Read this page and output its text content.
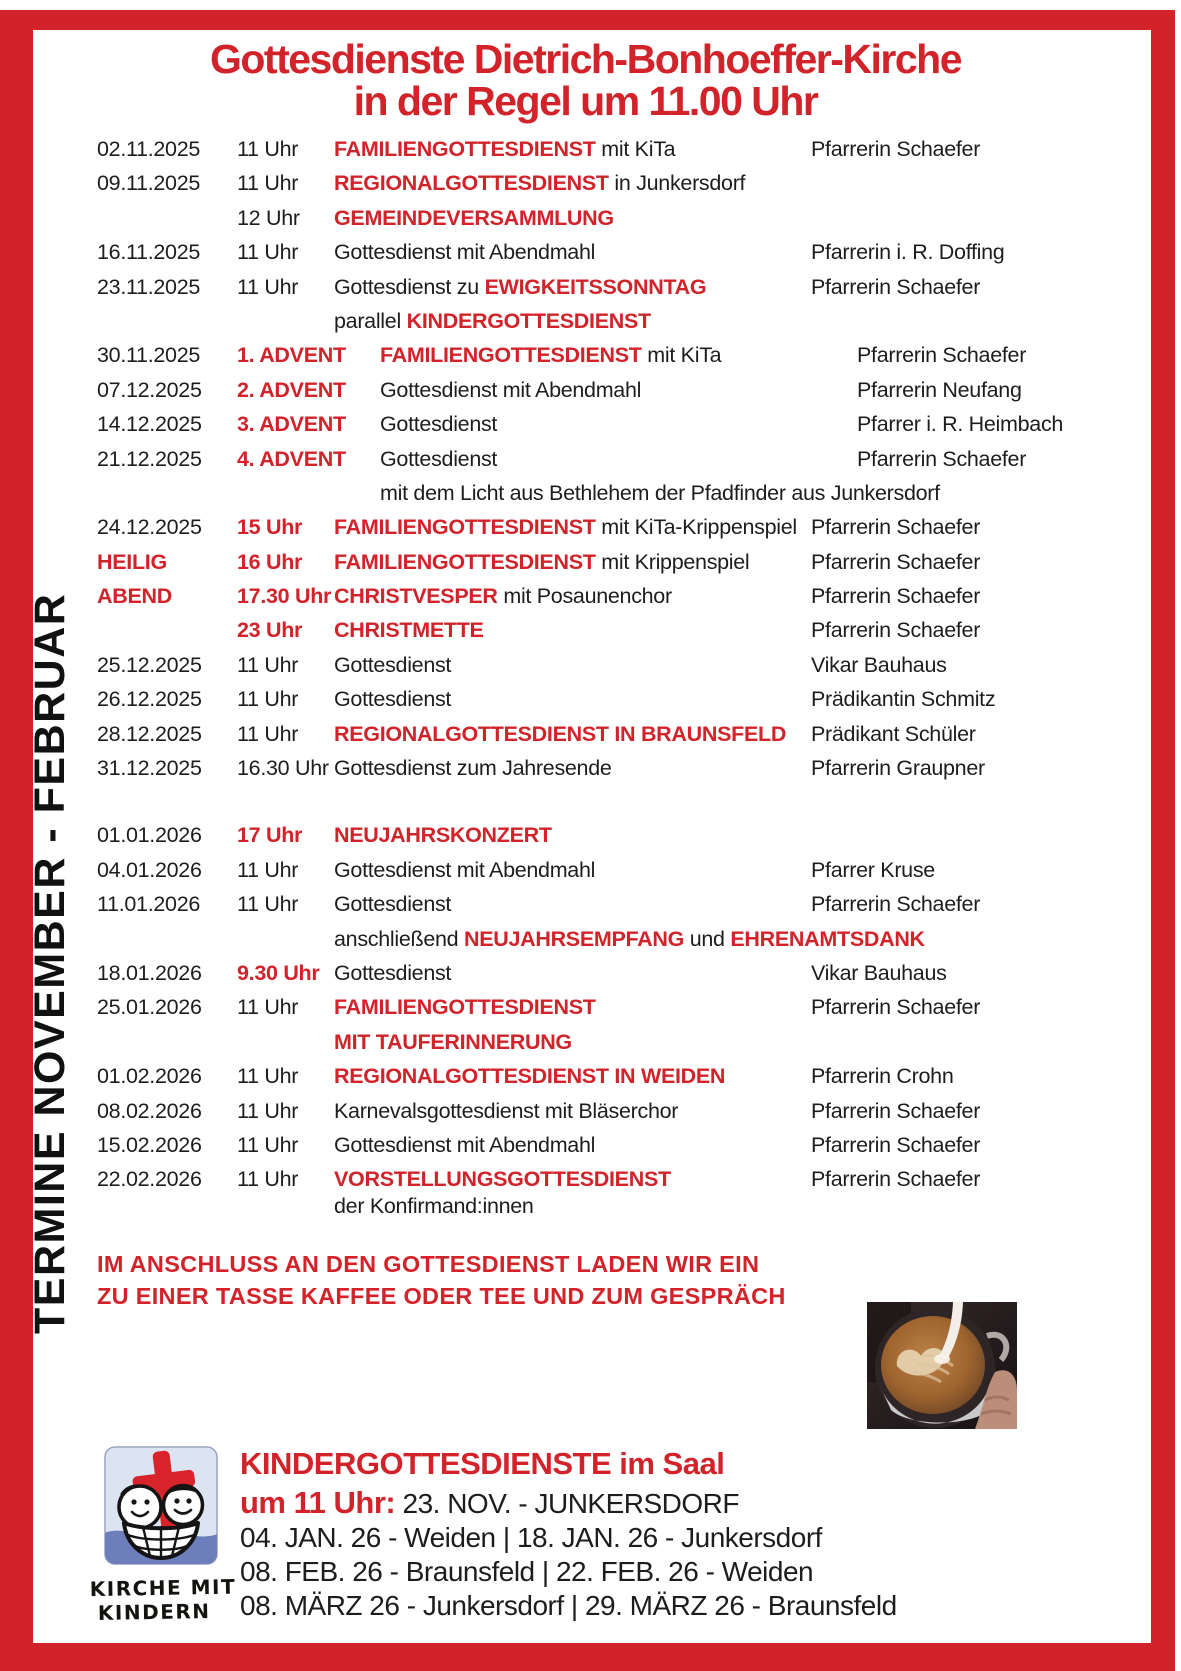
Gottesdienste Dietrich-Bonhoeffer-Kirche
in der Regel um 11.00 Uhr
TERMINE NOVEMBER - FEBRUAR
02.11.2025	11 Uhr	FAMILIENGOTTESDIENST mit KiTa	Pfarrerin Schaefer
09.11.2025	11 Uhr	REGIONALGOTTESDIENST in Junkersdorf
12 Uhr	GEMEINDEVERSAMMLUNG
16.11.2025	11 Uhr	Gottesdienst mit Abendmahl	Pfarrerin i. R. Doffing
23.11.2025	11 Uhr	Gottesdienst zu EWIGKEITSSONNTAG	Pfarrerin Schaefer
parallel KINDERGOTTESDIENST
30.11.2025	1. ADVENT	FAMILIENGOTTESDIENST mit KiTa	Pfarrerin Schaefer
07.12.2025	2. ADVENT	Gottesdienst mit Abendmahl	Pfarrerin Neufang
14.12.2025	3. ADVENT	Gottesdienst	Pfarrer i. R. Heimbach
21.12.2025	4. ADVENT	Gottesdienst	Pfarrerin Schaefer
mit dem Licht aus Bethlehem der Pfadfinder aus Junkersdorf
24.12.2025	15 Uhr	FAMILIENGOTTESDIENST mit KiTa-Krippenspiel Pfarrerin Schaefer
HEILIG	16 Uhr	FAMILIENGOTTESDIENST mit Krippenspiel	Pfarrerin Schaefer
ABEND	17.30 Uhr CHRISTVESPER mit Posaunenchor	Pfarrerin Schaefer
23 Uhr	CHRISTMETTE	Pfarrerin Schaefer
25.12.2025	11 Uhr	Gottesdienst	Vikar Bauhaus
26.12.2025	11 Uhr	Gottesdienst	Prädikantin Schmitz
28.12.2025	11 Uhr	REGIONALGOTTESDIENST IN BRAUNSFELD	Prädikant Schüler
31.12.2025	16.30 Uhr Gottesdienst zum Jahresende	Pfarrerin Graupner
01.01.2026	17 Uhr	NEUJAHRSKONZERT
04.01.2026	11 Uhr	Gottesdienst mit Abendmahl	Pfarrer Kruse
11.01.2026	11 Uhr	Gottesdienst	Pfarrerin Schaefer
anschließend NEUJAHRSEMPFANG und EHRENAMTSDANK
18.01.2026	9.30 Uhr Gottesdienst	Vikar Bauhaus
25.01.2026	11 Uhr	FAMILIENGOTTESDIENST	Pfarrerin Schaefer
MIT TAUFERINNERUNG
01.02.2026	11 Uhr	REGIONALGOTTESDIENST IN WEIDEN	Pfarrerin Crohn
08.02.2026	11 Uhr	Karnevalsgottesdienst mit Bläserchor	Pfarrerin Schaefer
15.02.2026	11 Uhr	Gottesdienst mit Abendmahl	Pfarrerin Schaefer
22.02.2026	11 Uhr	VORSTELLUNGSGOTTESDIENST	Pfarrerin Schaefer
der Konfirmand:innen
IM ANSCHLUSS AN DEN GOTTESDIENST LADEN WIR EIN
ZU EINER TASSE KAFFEE ODER TEE UND ZUM GESPRÄCH
KIRCHE MIT
KINDERN
KINDERGOTTESDIENSTE im Saal
um 11 Uhr: 23. NOV. - JUNKERSDORF
04. JAN. 26 - Weiden | 18. JAN. 26 - Junkersdorf
08. FEB. 26 - Braunsfeld | 22. FEB. 26 - Weiden
08. MÄRZ 26 - Junkersdorf | 29. MÄRZ 26 - Braunsfeld
